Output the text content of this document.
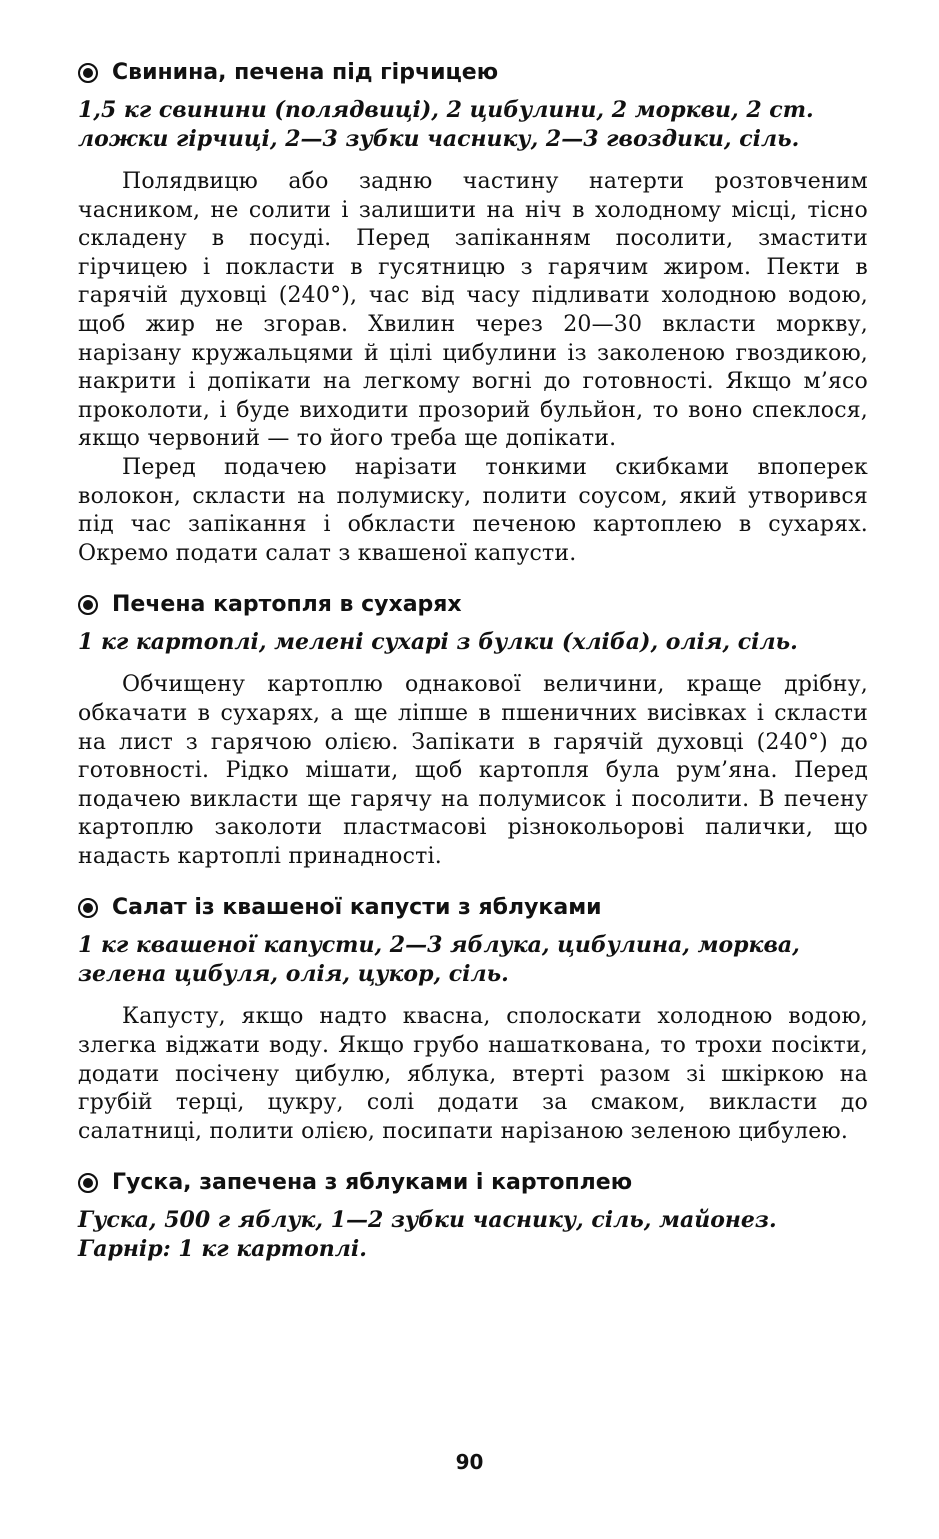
Свинина, печена під гірчицею

1,5 кг свинини (полядвиці), 2 цибулини, 2 моркви, 2 ст. ложки гірчиці, 2—3 зубки часнику, 2—3 гвоздики, сіль.

Полядвицю або задню частину натерти розтовченим часником, не солити і залишити на ніч в холодному місці, тісно складену в посуді. Перед запіканням посолити, змастити гірчицею і покласти в гусятницю з гарячим жиром. Пекти в гарячій духовці (240°), час від часу підливати холодною водою, щоб жир не згорав. Хвилин через 20—30 вкласти моркву, нарізану кружальцями й цілі цибулини із заколеною гвоздикою, накрити і допікати на легкому вогні до готовності. Якщо м’ясо проколоти, і буде виходити прозорий бульйон, то воно спеклося, якщо червоний — то його треба ще допікати.

Перед подачею нарізати тонкими скибками впоперек волокон, скласти на полумиску, полити соусом, який утворився під час запікання і обкласти печеною картоплею в сухарях. Окремо подати салат з квашеної капусти.

Печена картопля в сухарях

1 кг картоплі, мелені сухарі з булки (хліба), олія, сіль.

Обчищену картоплю однакової величини, краще дрібну, обкачати в сухарях, а ще ліпше в пшеничних висівках і скласти на лист з гарячою олією. Запікати в гарячій духовці (240°) до готовності. Рідко мішати, щоб картопля була рум’яна. Перед подачею викласти ще гарячу на полумисок і посолити. В печену картоплю заколоти пластмасові різнокольорові палички, що надасть картоплі принадності.

Салат із квашеної капусти з яблуками

1 кг квашеної капусти, 2—3 яблука, цибулина, морква, зелена цибуля, олія, цукор, сіль.

Капусту, якщо надто квасна, сполоскати холодною водою, злегка віджати воду. Якщо грубо нашаткована, то трохи посікти, додати посічену цибулю, яблука, втерті разом зі шкіркою на грубій терці, цукру, солі додати за смаком, викласти до салатниці, полити олією, посипати нарізаною зеленою цибулею.

Гуска, запечена з яблуками і картоплею

Гуска, 500 г яблук, 1—2 зубки часнику, сіль, майонез. Гарнір: 1 кг картоплі.

90
